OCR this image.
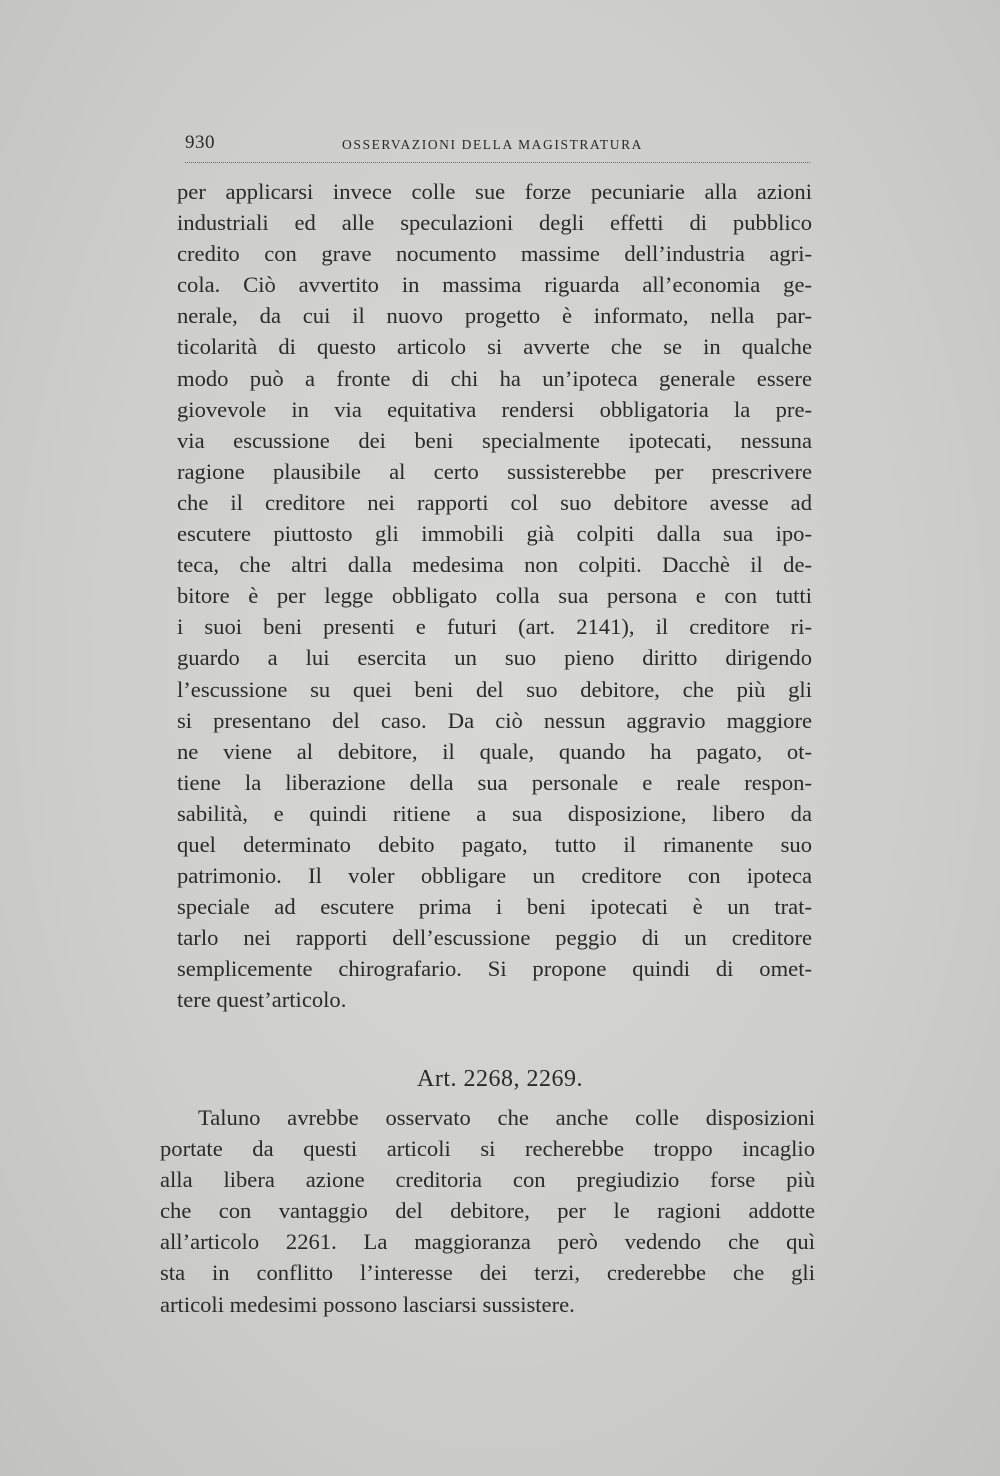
930	OSSERVAZIONI DELLA MAGISTRATURA
per applicarsi invece colle sue forze pecuniarie alla azioni
industriali ed alle speculazioni degli effetti di pubblico
credito con grave nocumento massime dell’industria agri-
cola. Ciò avvertito in massima riguarda all’economia ge-
nerale, da cui il nuovo progetto è informato, nella par-
ticolarità di questo articolo si avverte che se in qualche
modo può a fronte di chi ha un’ipoteca generale essere
giovevole in via equitativa rendersi obbligatoria la pre-
via escussione dei beni specialmente ipotecati, nessuna
ragione plausibile al certo sussisterebbe per prescrivere
che il creditore nei rapporti col suo debitore avesse ad
escutere piuttosto gli immobili già colpiti dalla sua ipo-
teca, che altri dalla medesima non colpiti. Dacchè il de-
bitore è per legge obbligato colla sua persona e con tutti
i suoi beni presenti e futuri (art. 2141), il creditore ri-
guardo a lui esercita un suo pieno diritto dirigendo
l’escussione su quei beni del suo debitore, che più gli
si presentano del caso. Da ciò nessun aggravio maggiore
ne viene al debitore, il quale, quando ha pagato, ot-
tiene la liberazione della sua personale e reale respon-
sabilità, e quindi ritiene a sua disposizione, libero da
quel determinato debito pagato, tutto il rimanente suo
patrimonio. Il voler obbligare un creditore con ipoteca
speciale ad escutere prima i beni ipotecati è un trat-
tarlo nei rapporti dell’escussione peggio di un creditore
semplicemente chirografario. Si propone quindi di omet-
tere quest’articolo.
Art. 2268, 2269.
Taluno avrebbe osservato che anche colle disposizioni
portate da questi articoli si recherebbe troppo incaglio
alla libera azione creditoria con pregiudizio forse più
che con vantaggio del debitore, per le ragioni addotte
all’articolo 2261. La maggioranza però vedendo che quì
sta in conflitto l’interesse dei terzi, crederebbe che gli
articoli medesimi possono lasciarsi sussistere.
